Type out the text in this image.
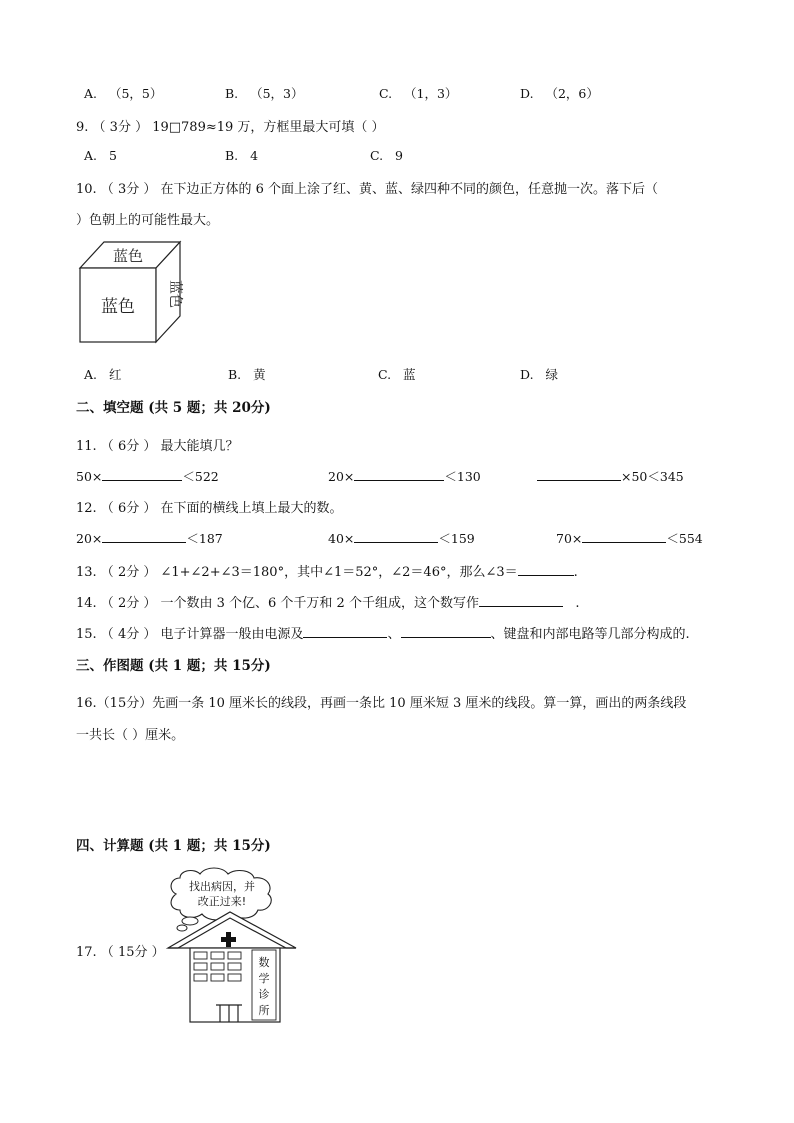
A. （5，5）	B. （5，3）	C. （1，3）	D. （2，6）
9. （ 3分 ） 19□789≈19 万，方框里最大可填（ ）
A. 5	B. 4	C. 9
10. （ 3分 ） 在下边正方体的 6 个面上涂了红、黄、蓝、绿四种不同的颜色，任意抛一次。落下后（
）色朝上的可能性最大。
蓝色
蓝色 蓝色
A. 红	B. 黄	C. 蓝	D. 绿
二、填空题 (共 5 题；共 20分)
11. （ 6分 ） 最大能填几？
50×	＜522	20×	＜130	×50＜345
12. （ 6分 ） 在下面的横线上填上最大的数。
20×	＜187	40×	＜159	70×	＜554
13. （ 2分 ） ∠1+∠2+∠3＝180°，其中∠1＝52°，∠2＝46°，那么∠3＝	.
14. （ 2分 ） 一个数由 3 个亿、6 个千万和 2 个千组成，这个数写作	.
15. （ 4分 ） 电子计算器一般由电源及	、	、键盘和内部电路等几部分构成的.
三、作图题 (共 1 题；共 15分)
16.（15分）先画一条 10 厘米长的线段，再画一条比 10 厘米短 3 厘米的线段。算一算，画出的两条线段
一共长（ ）厘米。
四、计算题 (共 1 题；共 15分)
17. （ 15分 ）
找出病因，并
改正过来!
数
学
诊
所
